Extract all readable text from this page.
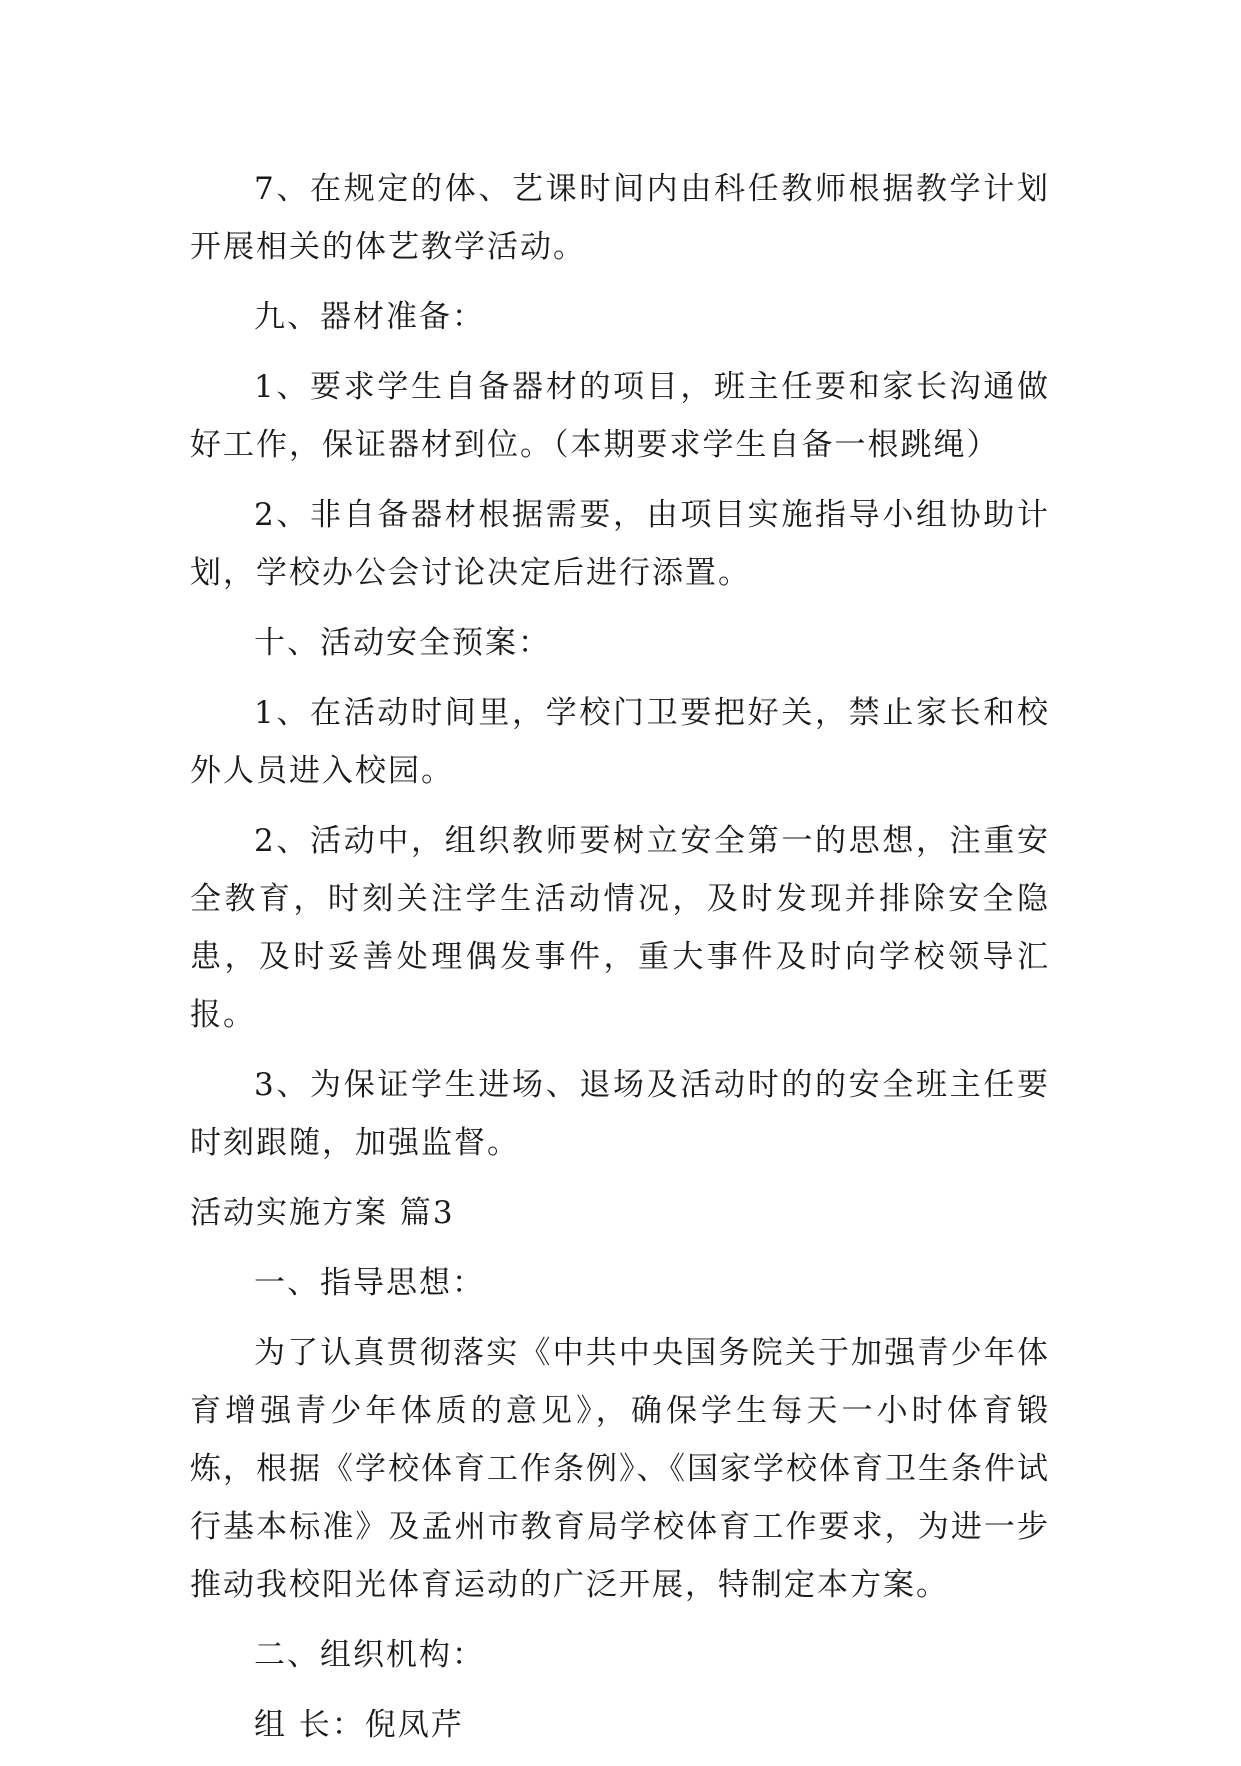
7、在规定的体、艺课时间内由科任教师根据教学计划开展相关的体艺教学活动。

九、器材准备：

1、要求学生自备器材的项目，班主任要和家长沟通做好工作，保证器材到位。（本期要求学生自备一根跳绳）

2、非自备器材根据需要，由项目实施指导小组协助计划，学校办公会讨论决定后进行添置。

十、活动安全预案：

1、在活动时间里，学校门卫要把好关，禁止家长和校外人员进入校园。

2、活动中，组织教师要树立安全第一的思想，注重安全教育，时刻关注学生活动情况，及时发现并排除安全隐患，及时妥善处理偶发事件，重大事件及时向学校领导汇报。

3、为保证学生进场、退场及活动时的的安全班主任要时刻跟随，加强监督。

活动实施方案 篇3

一、指导思想：

为了认真贯彻落实《中共中央国务院关于加强青少年体育增强青少年体质的意见》，确保学生每天一小时体育锻炼，根据《学校体育工作条例》、《国家学校体育卫生条件试行基本标准》及孟州市教育局学校体育工作要求，为进一步推动我校阳光体育运动的广泛开展，特制定本方案。

二、组织机构：

组 长：倪凤芹
